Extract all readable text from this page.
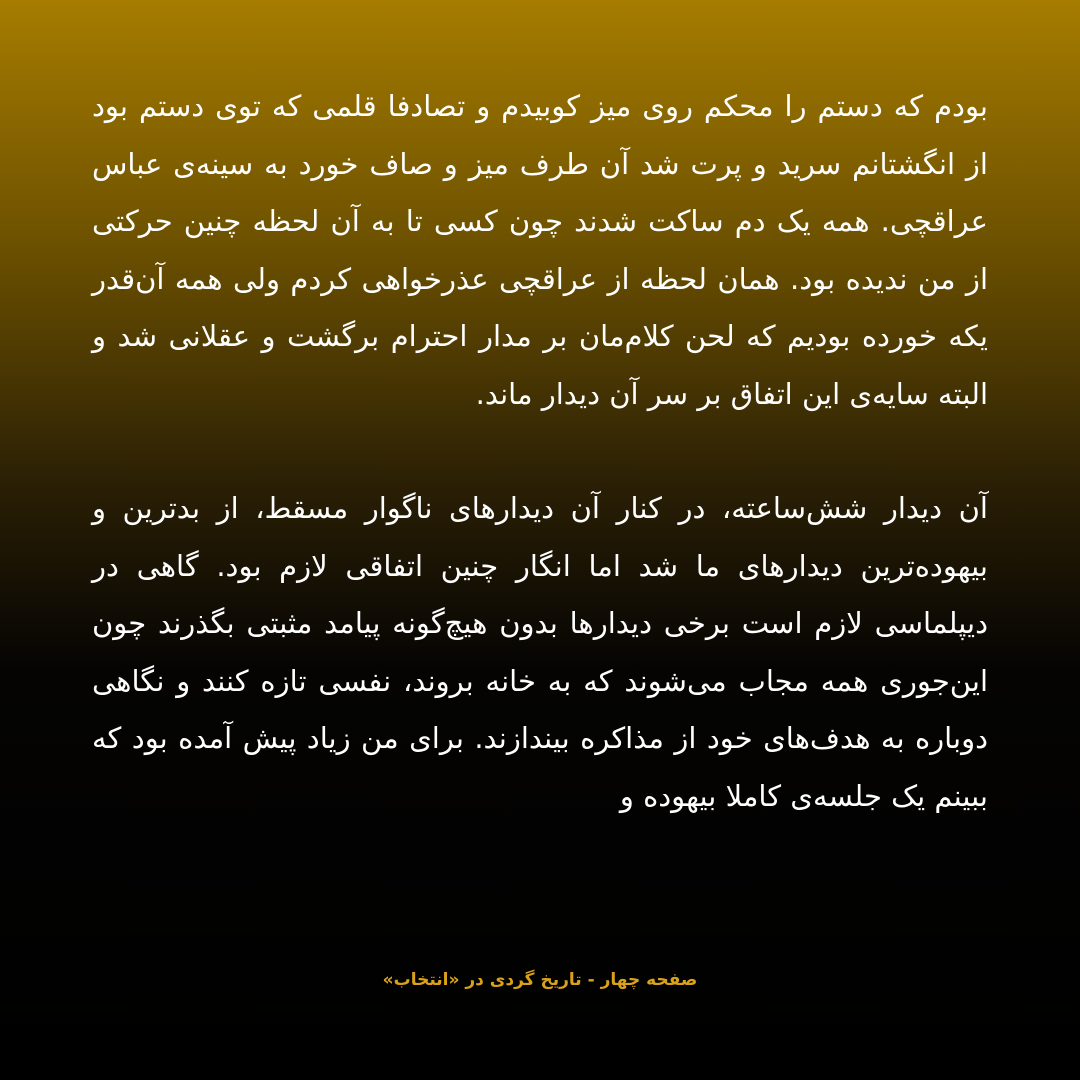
بودم که دستم را محکم روی میز کوبیدم و تصادفا قلمی که توی دستم بود از انگشتانم سرید و پرت شد آن طرف میز و صاف خورد به سینه‌ی عباس عراقچی. همه یک دم ساکت شدند چون کسی تا به آن لحظه چنین حرکتی از من ندیده بود. همان لحظه از عراقچی عذرخواهی کردم ولی همه آن‌قدر یکه خورده بودیم که لحن کلام‌مان بر مدار احترام برگشت و عقلانی شد و البته سایه‌ی این اتفاق بر سر آن دیدار ماند.

آن دیدار شش‌ساعته، در کنار آن دیدارهای ناگوار مسقط، از بدترین و بیهوده‌ترین دیدارهای ما شد اما انگار چنین اتفاقی لازم بود. گاهی در دیپلماسی لازم است برخی دیدارها بدون هیچ‌گونه پیامد مثبتی بگذرند چون این‌جوری همه مجاب می‌شوند که به خانه بروند، نفسی تازه کنند و نگاهی دوباره به هدف‌های خود از مذاکره بیندازند. برای من زیاد پیش آمده بود که ببینم یک جلسه‌ی کاملا بیهوده و

صفحه چهار - تاریخ گردی در «انتخاب»
